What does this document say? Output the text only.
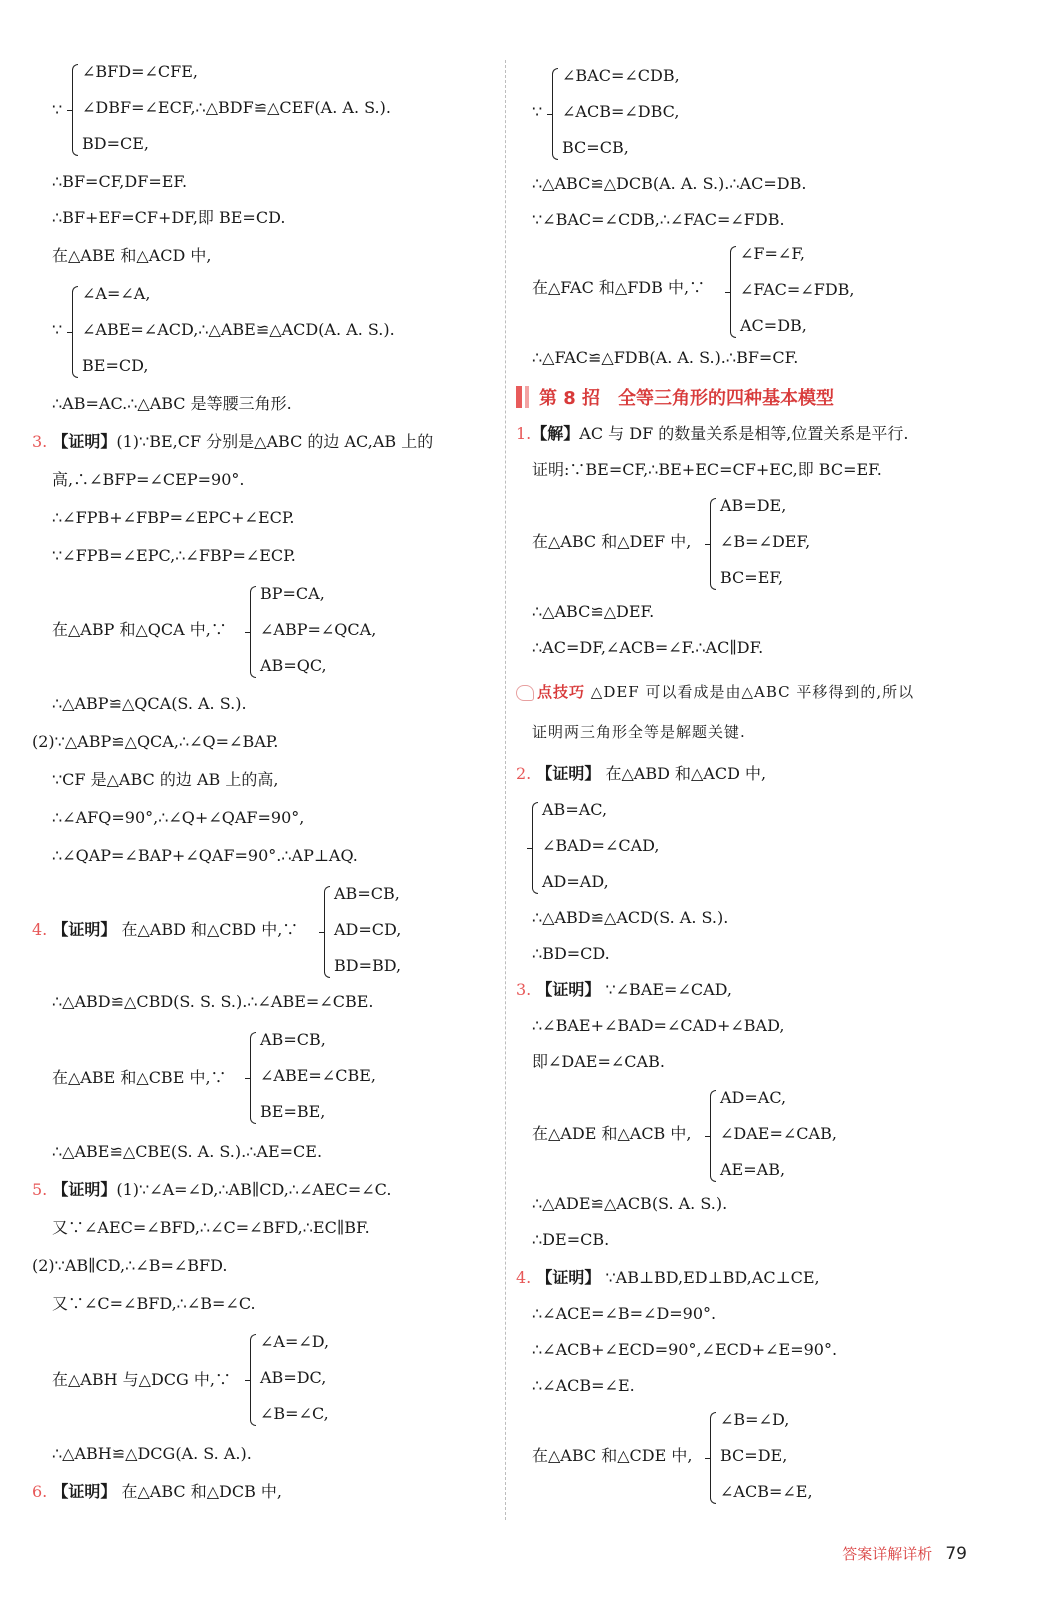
∵
∠BFD=∠CFE,
∠DBF=∠ECF,∴△BDF≌△CEF(A. A. S.).
BD=CE,
∴BF=CF,DF=EF.
∴BF+EF=CF+DF,即 BE=CD.
在△ABE 和△ACD 中,
∵
∠A=∠A,
∠ABE=∠ACD,∴△ABE≌△ACD(A. A. S.).
BE=CD,
∴AB=AC.∴△ABC 是等腰三角形.
3. 【证明】(1)∵BE,CF 分别是△ABC 的边 AC,AB 上的
高,∴∠BFP=∠CEP=90°.
∴∠FPB+∠FBP=∠EPC+∠ECP.
∵∠FPB=∠EPC,∴∠FBP=∠ECP.
在△ABP 和△QCA 中,∵
BP=CA,
∠ABP=∠QCA,
AB=QC,
∴△ABP≌△QCA(S. A. S.).
(2)∵△ABP≌△QCA,∴∠Q=∠BAP.
∵CF 是△ABC 的边 AB 上的高,
∴∠AFQ=90°,∴∠Q+∠QAF=90°,
∴∠QAP=∠BAP+∠QAF=90°.∴AP⊥AQ.
4. 【证明】 在△ABD 和△CBD 中,∵
AB=CB,
AD=CD,
BD=BD,
∴△ABD≌△CBD(S. S. S.).∴∠ABE=∠CBE.
在△ABE 和△CBE 中,∵
AB=CB,
∠ABE=∠CBE,
BE=BE,
∴△ABE≌△CBE(S. A. S.).∴AE=CE.
5. 【证明】(1)∵∠A=∠D,∴AB∥CD,∴∠AEC=∠C.
又∵∠AEC=∠BFD,∴∠C=∠BFD,∴EC∥BF.
(2)∵AB∥CD,∴∠B=∠BFD.
又∵∠C=∠BFD,∴∠B=∠C.
在△ABH 与△DCG 中,∵
∠A=∠D,
AB=DC,
∠B=∠C,
∴△ABH≌△DCG(A. S. A.).
6. 【证明】 在△ABC 和△DCB 中,
∵
∠BAC=∠CDB,
∠ACB=∠DBC,
BC=CB,
∴△ABC≌△DCB(A. A. S.).∴AC=DB.
∵∠BAC=∠CDB,∴∠FAC=∠FDB.
在△FAC 和△FDB 中,∵
∠F=∠F,
∠FAC=∠FDB,
AC=DB,
∴△FAC≌△FDB(A. A. S.).∴BF=CF.
第 8 招　全等三角形的四种基本模型
1.【解】AC 与 DF 的数量关系是相等,位置关系是平行.
证明:∵BE=CF,∴BE+EC=CF+EC,即 BC=EF.
在△ABC 和△DEF 中,
AB=DE,
∠B=∠DEF,
BC=EF,
∴△ABC≌△DEF.
∴AC=DF,∠ACB=∠F.∴AC∥DF.
点技巧 △DEF 可以看成是由△ABC 平移得到的,所以
证明两三角形全等是解题关键.
2. 【证明】 在△ABD 和△ACD 中,
AB=AC,
∠BAD=∠CAD,
AD=AD,
∴△ABD≌△ACD(S. A. S.).
∴BD=CD.
3. 【证明】 ∵∠BAE=∠CAD,
∴∠BAE+∠BAD=∠CAD+∠BAD,
即∠DAE=∠CAB.
在△ADE 和△ACB 中,
AD=AC,
∠DAE=∠CAB,
AE=AB,
∴△ADE≌△ACB(S. A. S.).
∴DE=CB.
4. 【证明】 ∵AB⊥BD,ED⊥BD,AC⊥CE,
∴∠ACE=∠B=∠D=90°.
∴∠ACB+∠ECD=90°,∠ECD+∠E=90°.
∴∠ACB=∠E.
在△ABC 和△CDE 中,
∠B=∠D,
BC=DE,
∠ACB=∠E,
答案详解详析 79
